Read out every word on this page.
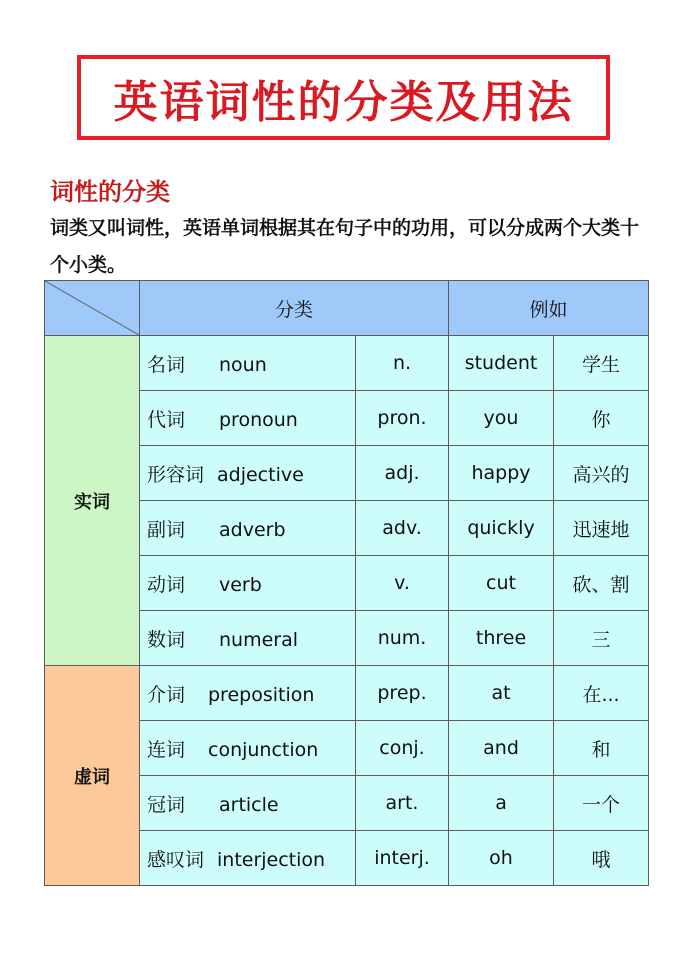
英语词性的分类及用法
词性的分类
词类又叫词性，英语单词根据其在句子中的功用，可以分成两个大类十个小类。
	分类		例如	
实词	名词 noun	n.	student	学生
	代词 pronoun	pron.	you	你
	形容词 adjective	adj.	happy	高兴的
	副词 adverb	adv.	quickly	迅速地
	动词 verb	v.	cut	砍、割
	数词 numeral	num.	three	三
虚词	介词 preposition	prep.	at	在...
	连词 conjunction	conj.	and	和
	冠词 article	art.	a	一个
	感叹词 interjection	interj.	oh	哦
